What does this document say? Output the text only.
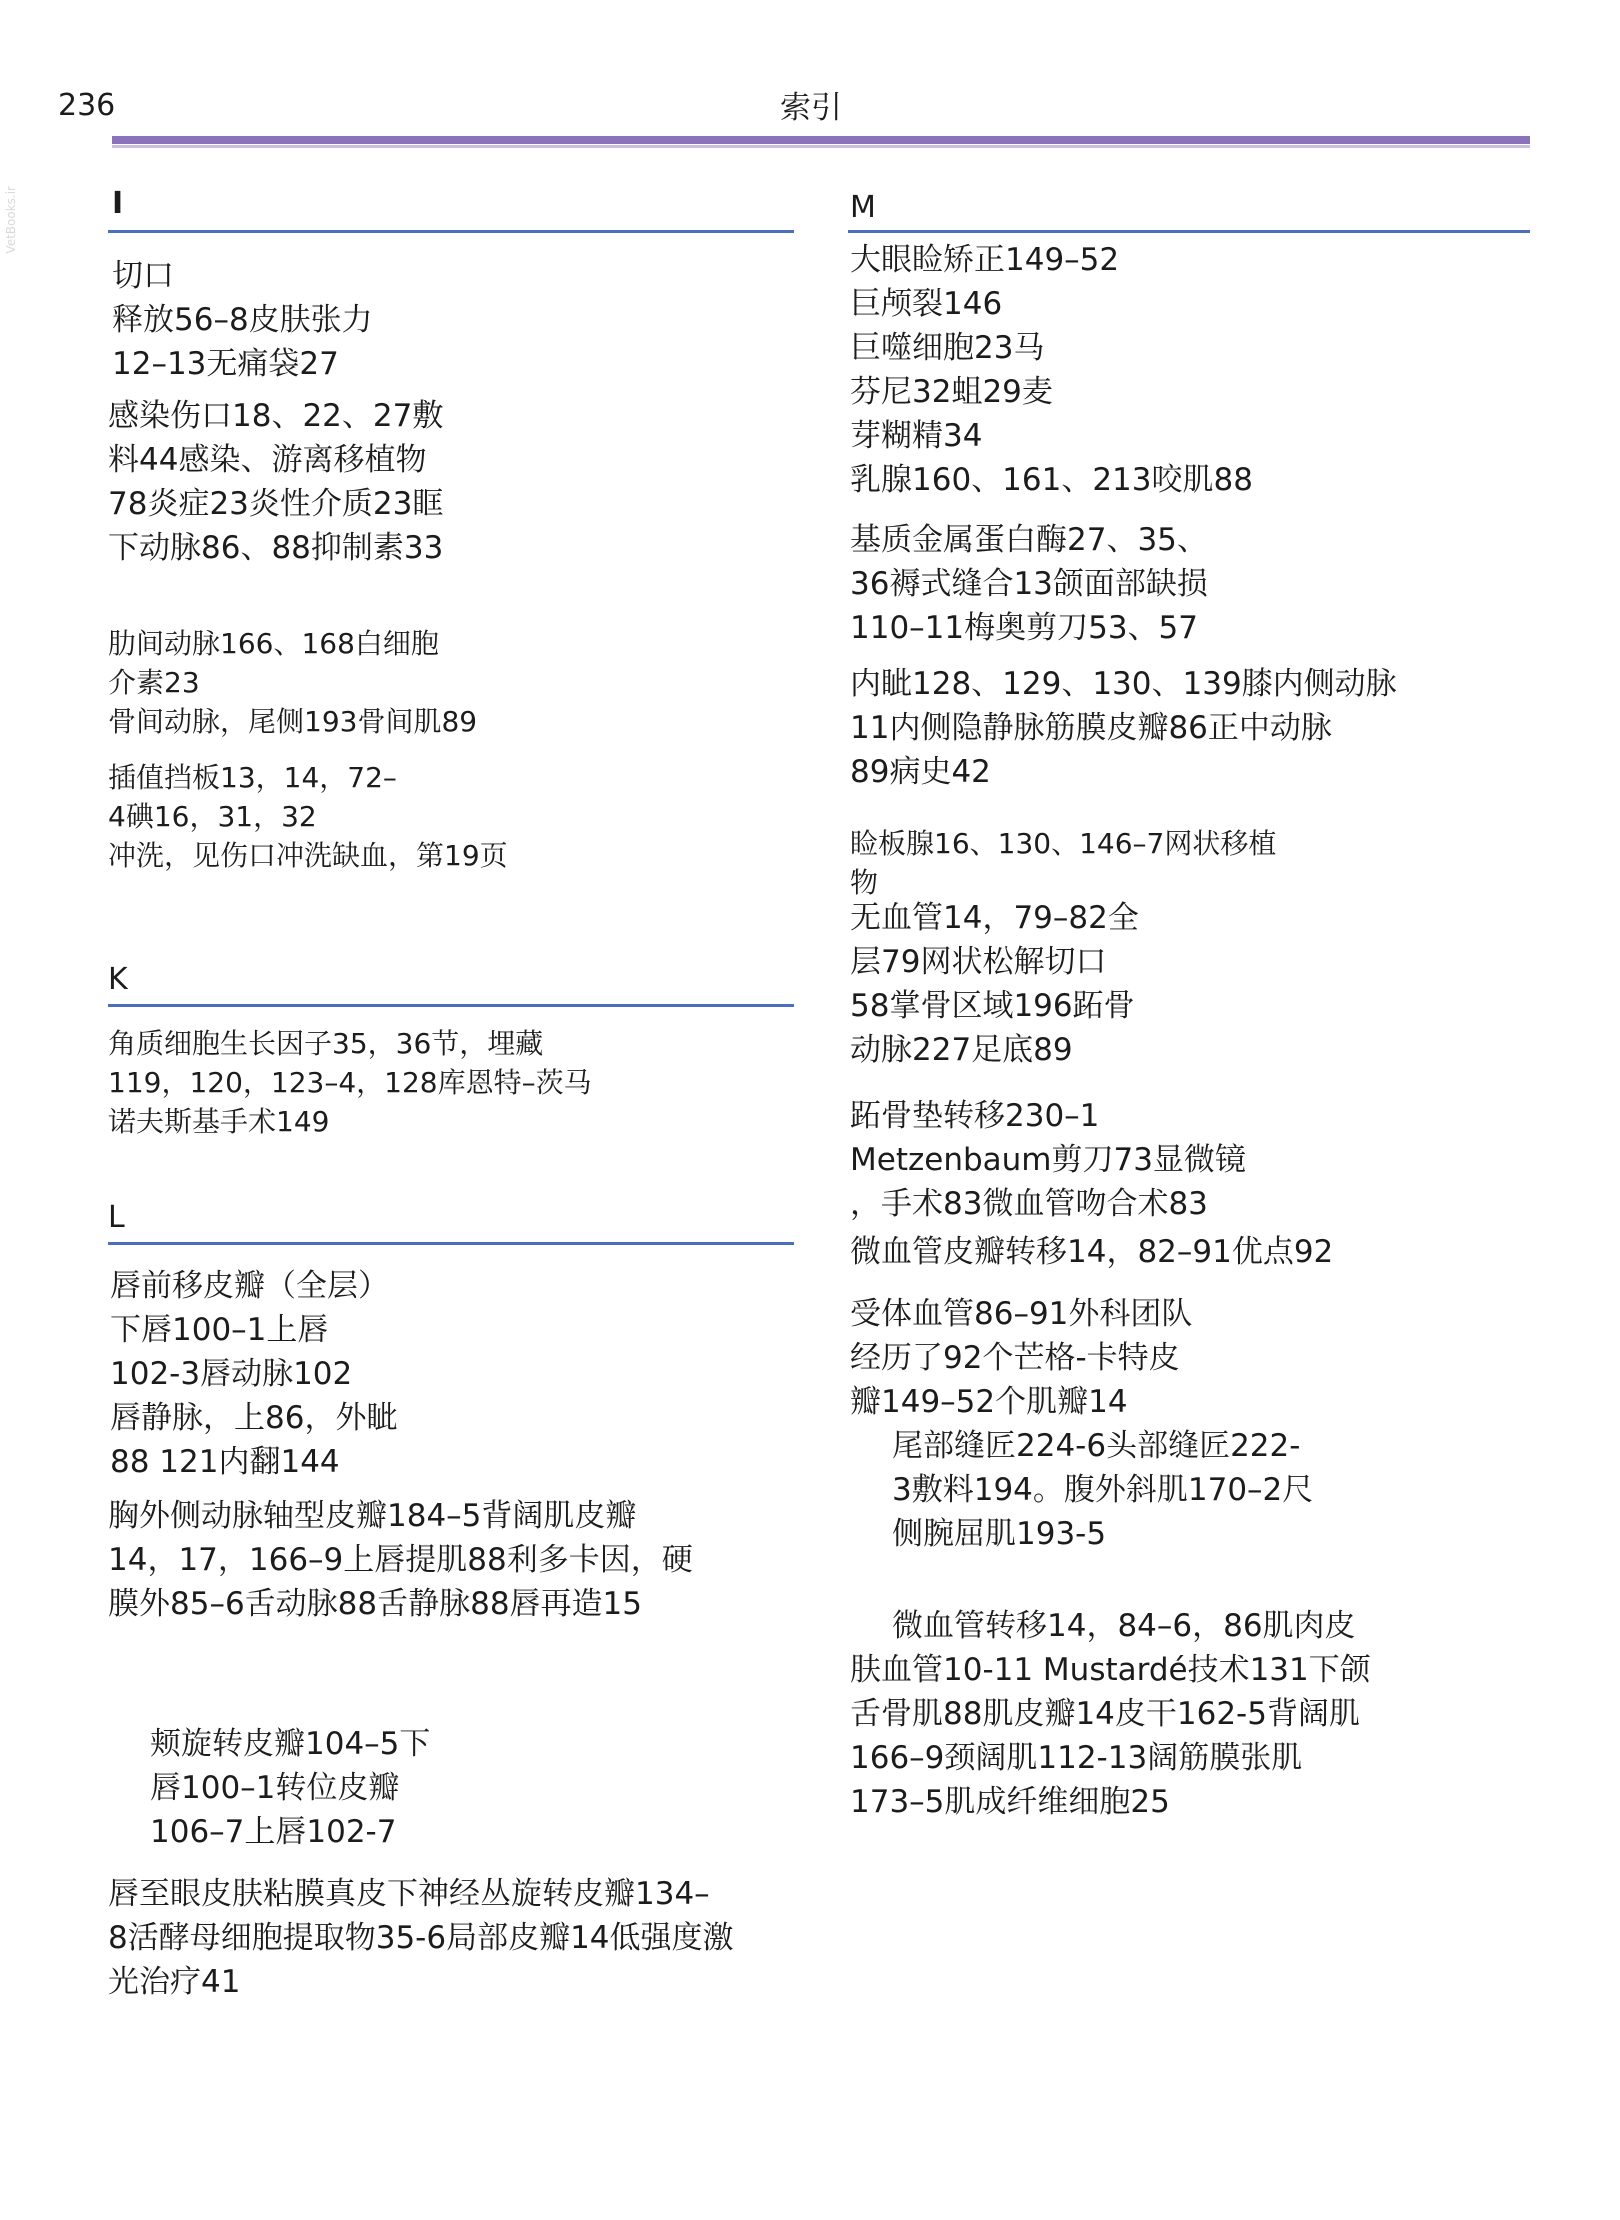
236	索引
VetBooks.ir	I
切口
释放56–8皮肤张力
12–13无痛袋27
感染伤口18、22、27敷
料44感染、游离移植物
78炎症23炎性介质23眶
下动脉86、88抑制素33
肋间动脉166、168白细胞
介素23
骨间动脉，尾侧193骨间肌89
插值挡板13，14，72–
4碘16，31，32
冲洗，见伤口冲洗缺血，第19页
K
角质细胞生长因子35，36节，埋藏
119，120，123–4，128库恩特–茨马
诺夫斯基手术149
L
唇前移皮瓣（全层）
下唇100–1上唇
102-3唇动脉102
唇静脉，上86，外眦
88 121内翻144
胸外侧动脉轴型皮瓣184–5背阔肌皮瓣
14，17，166–9上唇提肌88利多卡因，硬
膜外85–6舌动脉88舌静脉88唇再造15
颊旋转皮瓣104–5下
唇100–1转位皮瓣
106–7上唇102-7
唇至眼皮肤粘膜真皮下神经丛旋转皮瓣134–
8活酵母细胞提取物35-6局部皮瓣14低强度激
光治疗41
M
大眼睑矫正149–52
巨颅裂146
巨噬细胞23马
芬尼32蛆29麦
芽糊精34
乳腺160、161、213咬肌88
基质金属蛋白酶27、35、
36褥式缝合13颌面部缺损
110–11梅奥剪刀53、57
内眦128、129、130、139膝内侧动脉
11内侧隐静脉筋膜皮瓣86正中动脉
89病史42
睑板腺16、130、146–7网状移植
物
无血管14，79–82全
层79网状松解切口
58掌骨区域196跖骨
动脉227足底89
跖骨垫转移230–1
Metzenbaum剪刀73显微镜
，手术83微血管吻合术83
微血管皮瓣转移14，82–91优点92
受体血管86–91外科团队
经历了92个芒格-卡特皮
瓣149–52个肌瓣14
尾部缝匠224-6头部缝匠222-
3敷料194。腹外斜肌170–2尺
侧腕屈肌193-5
微血管转移14，84–6，86肌肉皮
肤血管10-11 Mustardé技术131下颌
舌骨肌88肌皮瓣14皮干162-5背阔肌
166–9颈阔肌112-13阔筋膜张肌
173–5肌成纤维细胞25
